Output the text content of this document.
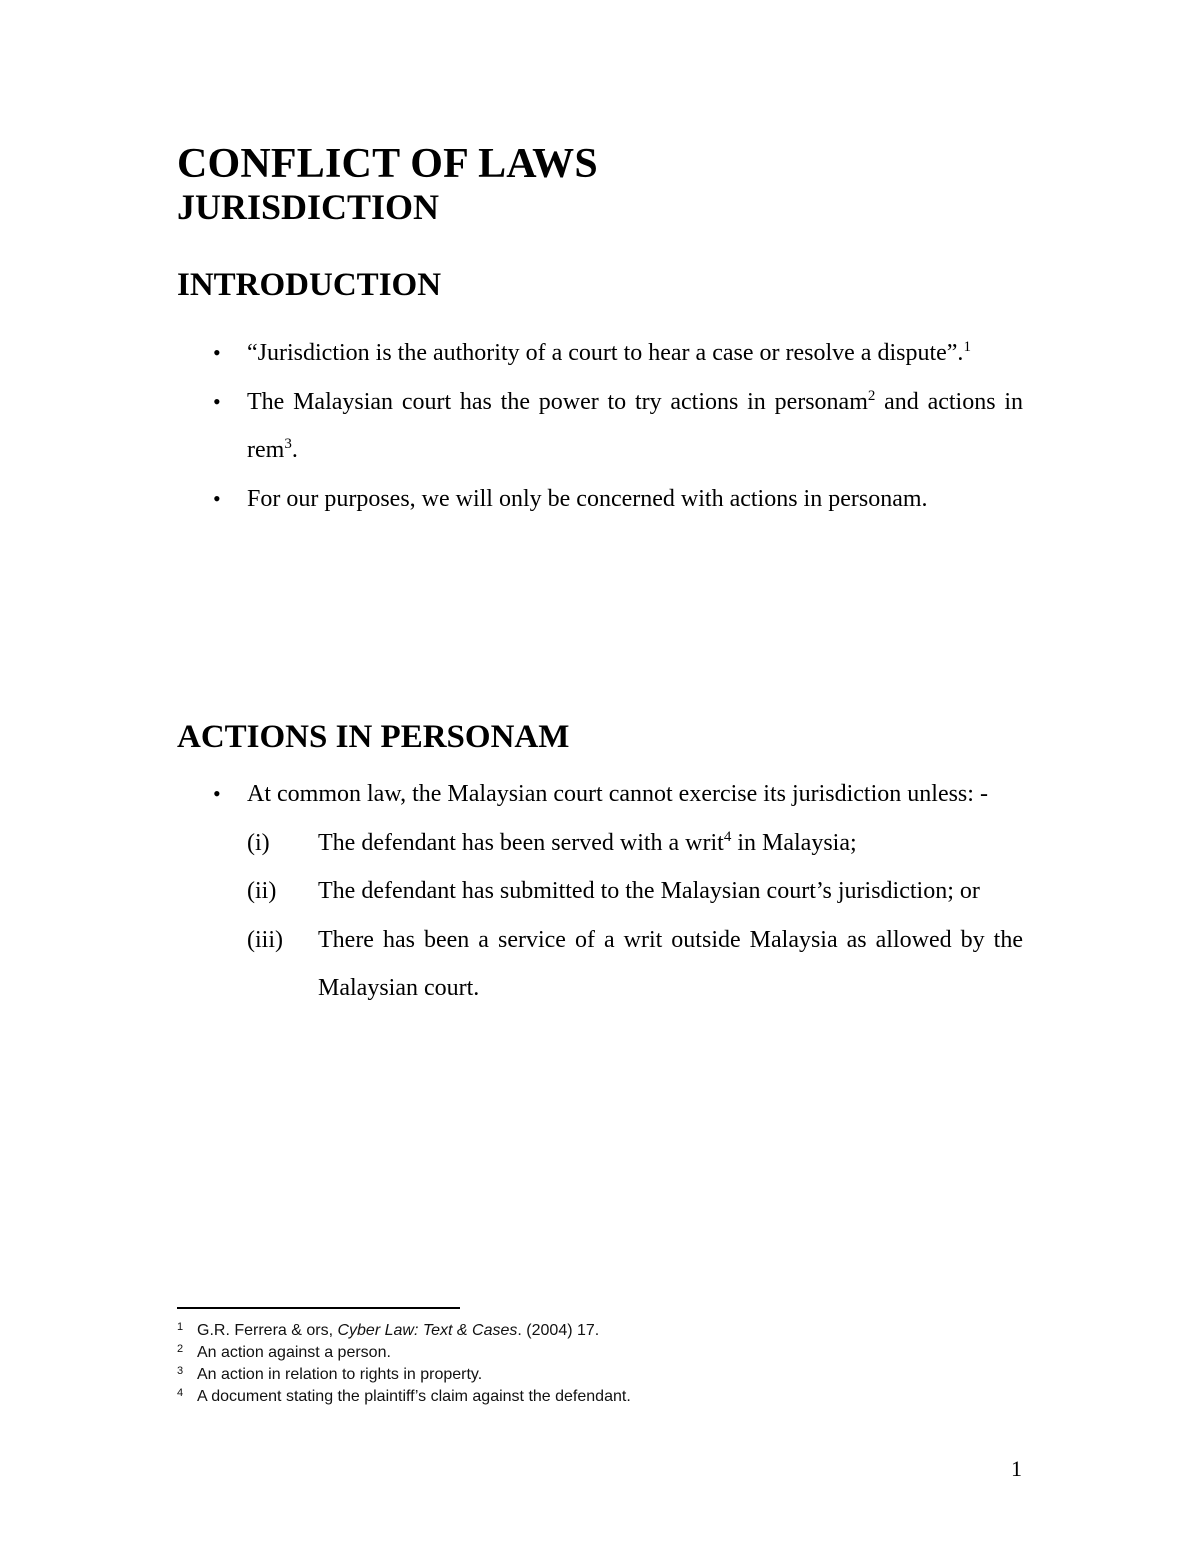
CONFLICT OF LAWS
JURISDICTION
INTRODUCTION
• “Jurisdiction is the authority of a court to hear a case or resolve a dispute”.$^1$
• The Malaysian court has the power to try actions in personam$^2$ and actions in rem$^3$.
• For our purposes, we will only be concerned with actions in personam.
ACTIONS IN PERSONAM
• At common law, the Malaysian court cannot exercise its jurisdiction unless: -
(i)	The defendant has been served with a writ$^4$ in Malaysia;
(ii)	The defendant has submitted to the Malaysian court’s jurisdiction; or
(iii)	There has been a service of a writ outside Malaysia as allowed by the Malaysian court.
1 G.R. Ferrera & ors, Cyber Law: Text & Cases. (2004) 17.
2 An action against a person.
3 An action in relation to rights in property.
4 A document stating the plaintiff’s claim against the defendant.
1
